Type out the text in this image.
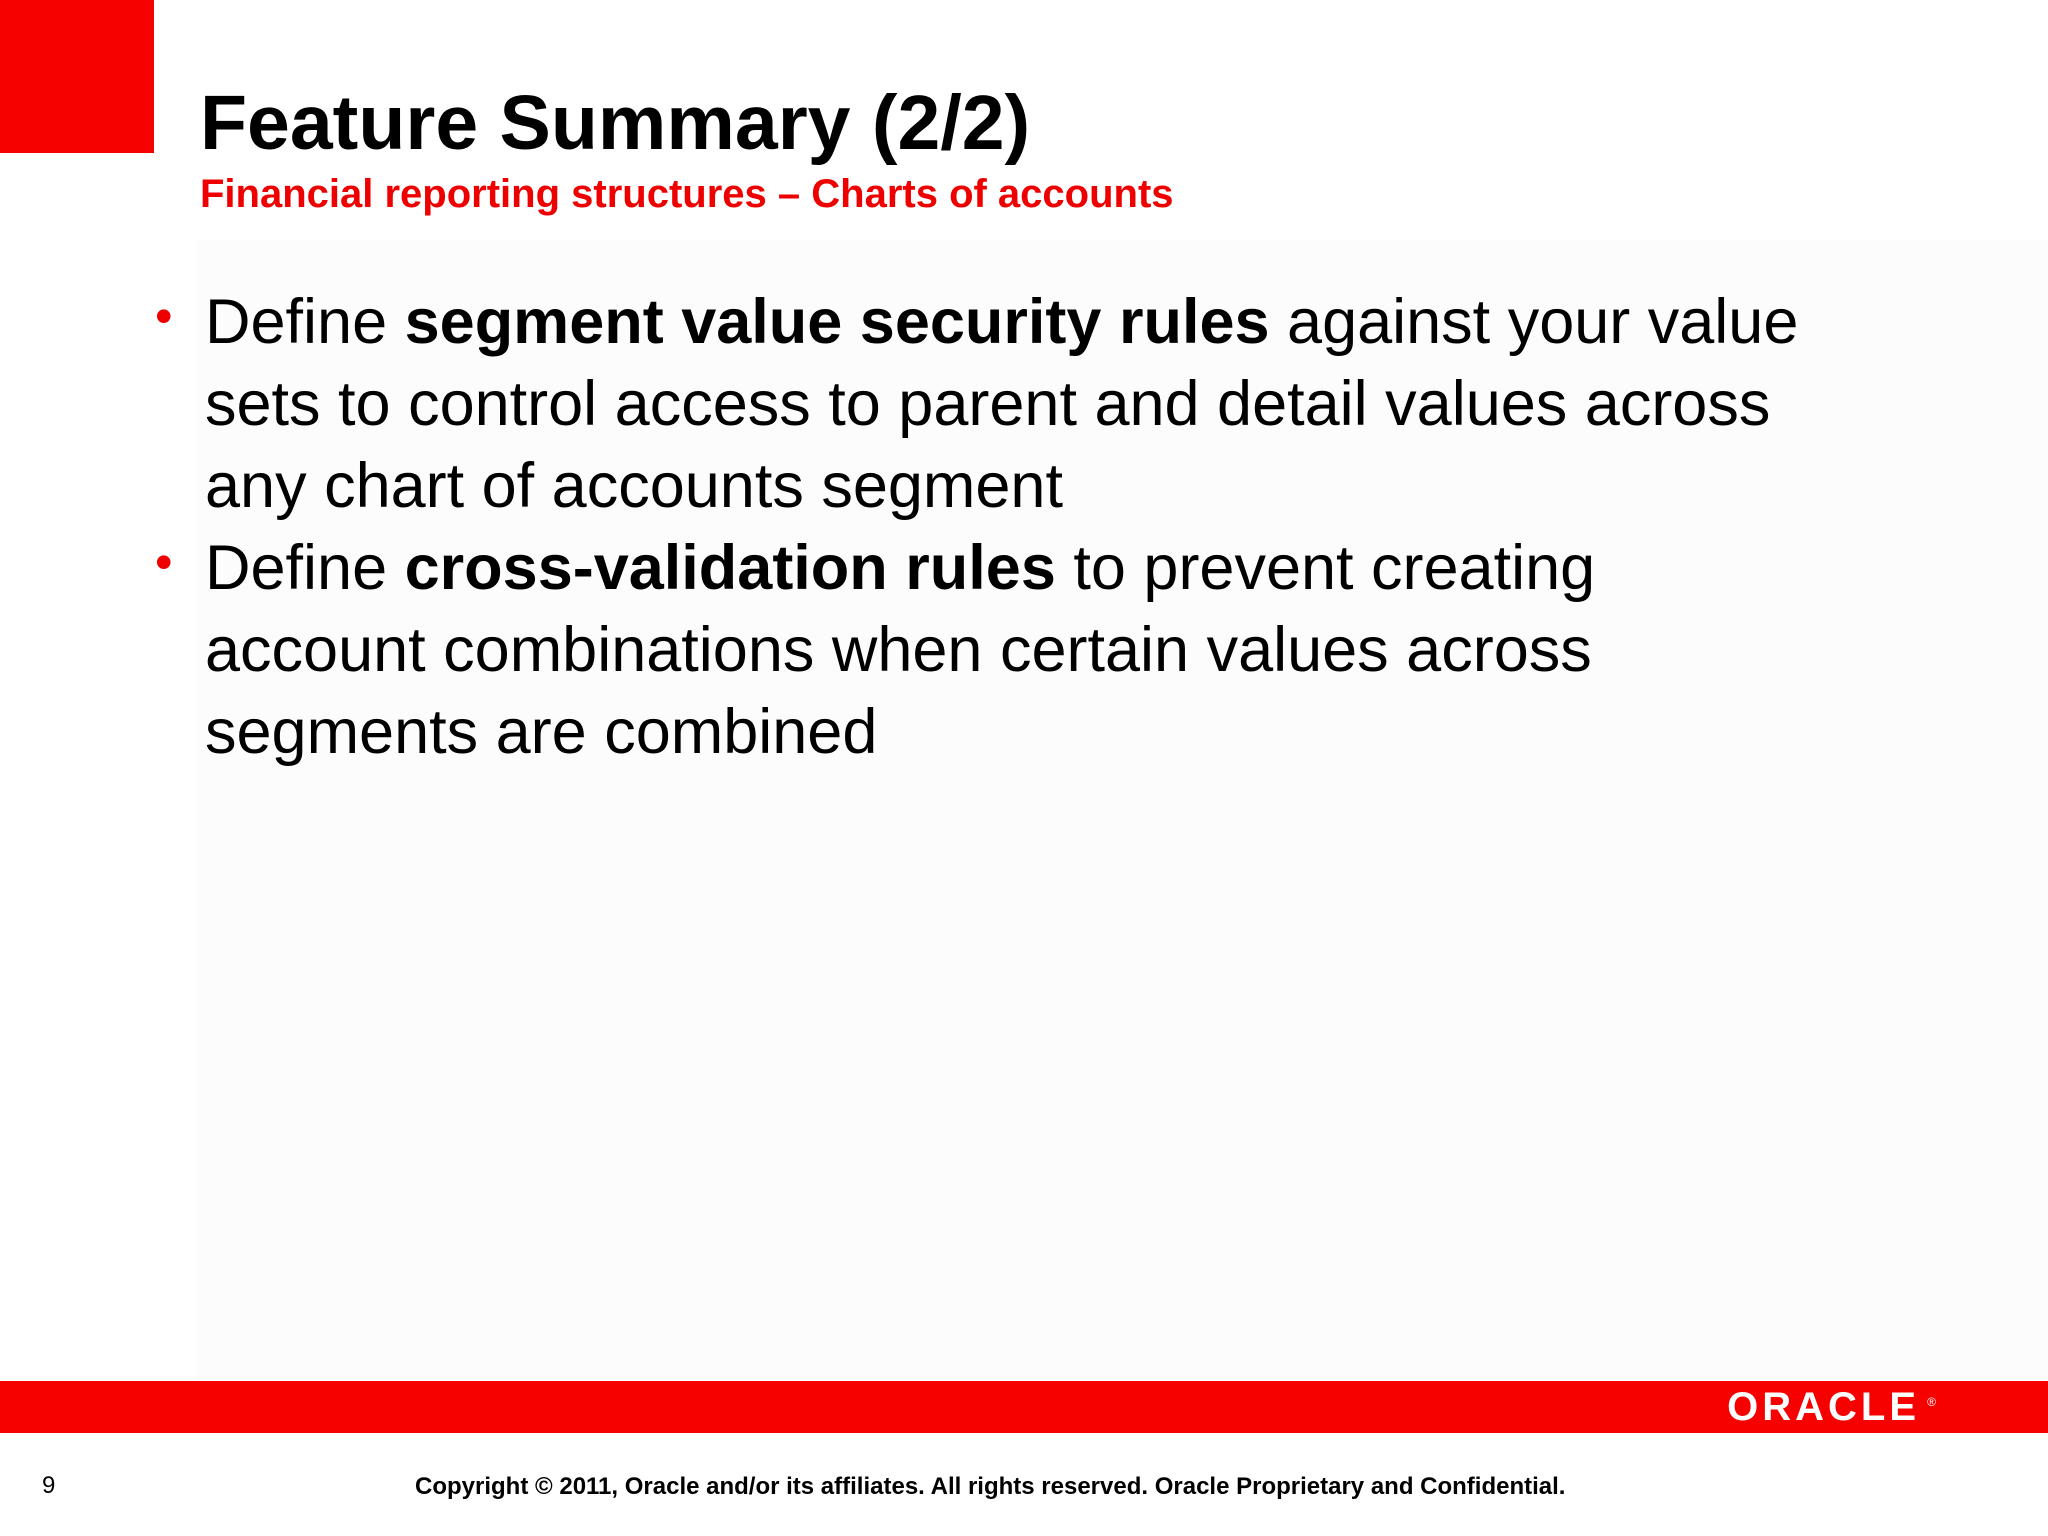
Feature Summary (2/2)
Financial reporting structures – Charts of accounts
• Define segment value security rules against your value
sets to control access to parent and detail values across
any chart of accounts segment
• Define cross-validation rules to prevent creating
account combinations when certain values across
segments are combined
ORACLE ®
9	Copyright © 2011, Oracle and/or its affiliates. All rights reserved. Oracle Proprietary and Confidential.
